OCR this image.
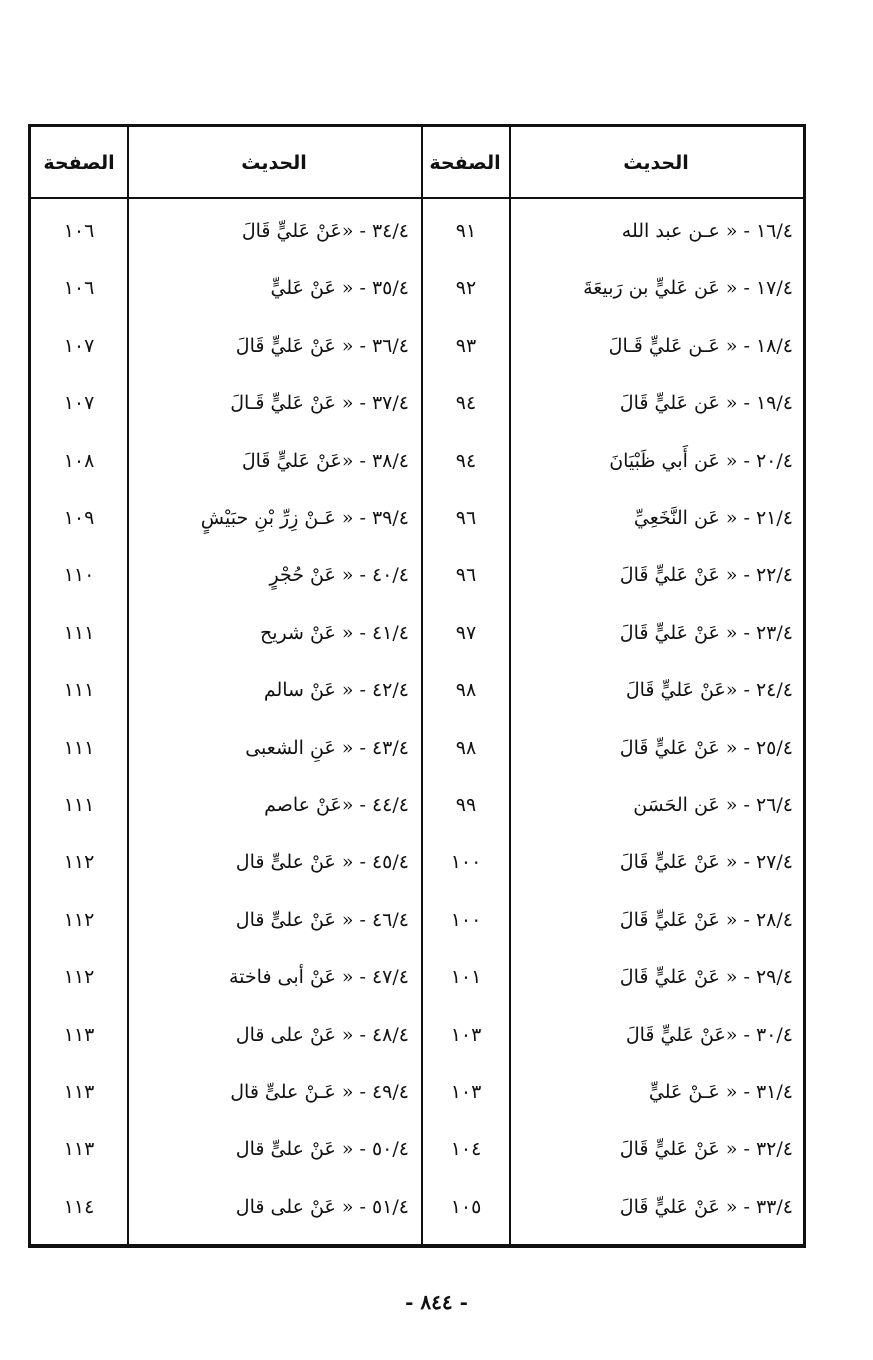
الحديث
الصفحة
الحديث
الصفحة
١٦/٤ - « عـن عبد الله
٩١
٣٤/٤ - «عَنْ عَليٍّ قَالَ
١٠٦
١٧/٤ - « عَن عَليٍّ بن رَبيعَةَ
٩٢
٣٥/٤ - « عَنْ عَليٍّ
١٠٦
١٨/٤ - « عَـن عَليٍّ قَـالَ
٩٣
٣٦/٤ - « عَنْ عَليٍّ قَالَ
١٠٧
١٩/٤ - « عَن عَليٍّ قَالَ
٩٤
٣٧/٤ - « عَنْ عَليٍّ قَـالَ
١٠٧
٢٠/٤ - « عَن أَبي ظَبْيَانَ
٩٤
٣٨/٤ - «عَنْ عَليٍّ قَالَ
١٠٨
٢١/٤ - « عَن النَّخَعِيِّ
٩٦
٣٩/٤ - « عَـنْ زِرِّ بْنِ حبَيْشٍ
١٠٩
٢٢/٤ - « عَنْ عَليٍّ قَالَ
٩٦
٤٠/٤ - « عَنْ حُجْرٍ
١١٠
٢٣/٤ - « عَنْ عَليٍّ قَالَ
٩٧
٤١/٤ - « عَنْ شريح
١١١
٢٤/٤ - «عَنْ عَليٍّ قَالَ
٩٨
٤٢/٤ - « عَنْ سالم
١١١
٢٥/٤ - « عَنْ عَليٍّ قَالَ
٩٨
٤٣/٤ - « عَنِ الشعبى
١١١
٢٦/٤ - « عَن الحَسَن
٩٩
٤٤/٤ - «عَنْ عاصم
١١١
٢٧/٤ - « عَنْ عَليٍّ قَالَ
١٠٠
٤٥/٤ - « عَنْ علىٍّ قال
١١٢
٢٨/٤ - « عَنْ عَليٍّ قَالَ
١٠٠
٤٦/٤ - « عَنْ علىٍّ قال
١١٢
٢٩/٤ - « عَنْ عَليٍّ قَالَ
١٠١
٤٧/٤ - « عَنْ أبى فاختة
١١٢
٣٠/٤ - «عَنْ عَليٍّ قَالَ
١٠٣
٤٨/٤ - « عَنْ على قال
١١٣
٣١/٤ - « عَـنْ عَليٍّ
١٠٣
٤٩/٤ - « عَـنْ علىٍّ قال
١١٣
٣٢/٤ - « عَنْ عَليٍّ قَالَ
١٠٤
٥٠/٤ - « عَنْ علىٍّ قال
١١٣
٣٣/٤ - « عَنْ عَليٍّ قَالَ
١٠٥
٥١/٤ - « عَنْ على قال
١١٤
- ٨٤٤ -
